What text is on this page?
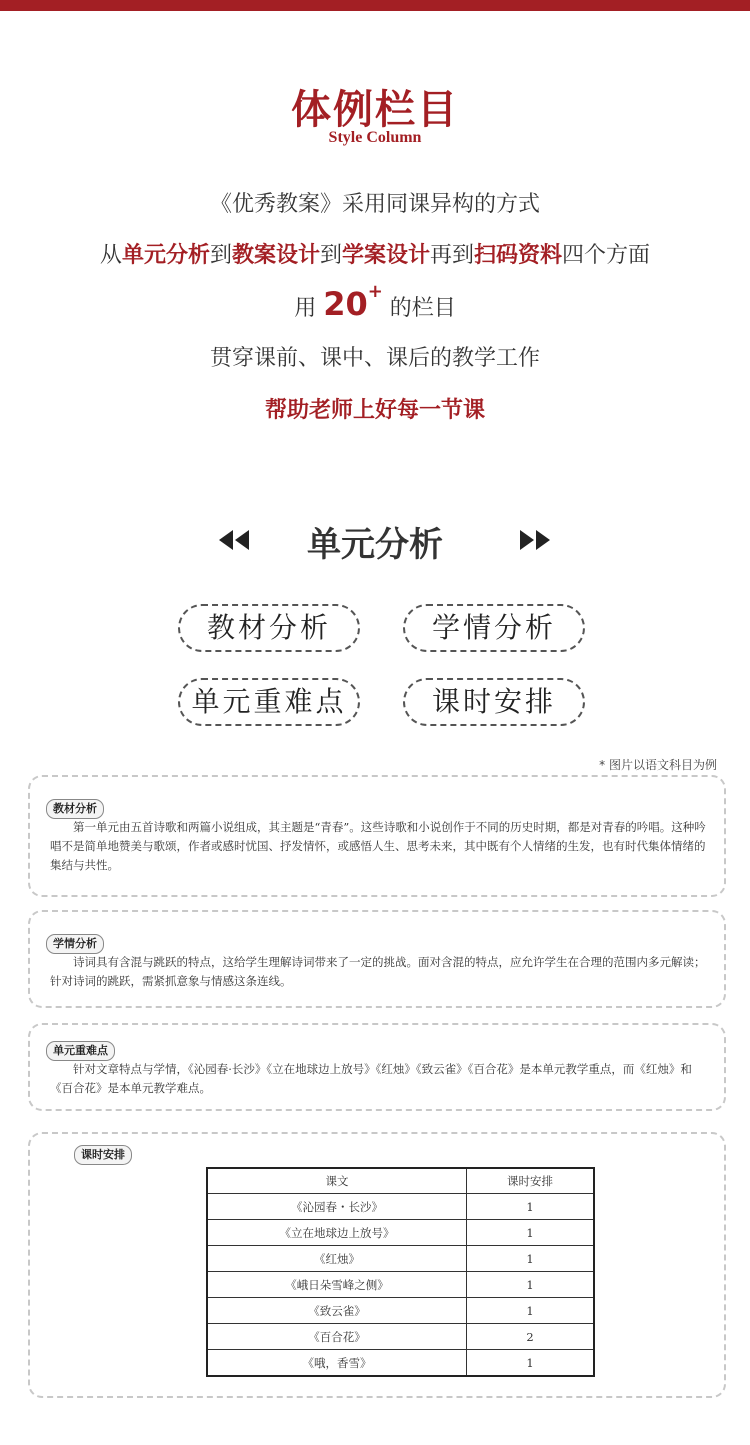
体例栏目
Style Column
《优秀教案》采用同课异构的方式
从单元分析到教案设计到学案设计再到扫码资料四个方面
用 20+ 的栏目
贯穿课前、课中、课后的教学工作
帮助老师上好每一节课
单元分析
教材分析	学情分析
单元重难点	课时安排
* 图片以语文科目为例
教材分析
第一单元由五首诗歌和两篇小说组成，其主题是“青春”。这些诗歌和小说创作于不同的历史时期，都是对青春的吟唱。这种吟唱不是简单地赞美与歌颂，作者或感时忧国、抒发情怀，或感悟人生、思考未来，其中既有个人情绪的生发，也有时代集体情绪的集结与共性。
学情分析
诗词具有含混与跳跃的特点，这给学生理解诗词带来了一定的挑战。面对含混的特点，应允许学生在合理的范围内多元解读；针对诗词的跳跃，需紧抓意象与情感这条连线。
单元重难点
针对文章特点与学情，《沁园春·长沙》《立在地球边上放号》《红烛》《致云雀》《百合花》是本单元教学重点，而《红烛》和《百合花》是本单元教学难点。
课时安排
课文	课时安排
《沁园春・长沙》	1
《立在地球边上放号》	1
《红烛》	1
《峨日朵雪峰之侧》	1
《致云雀》	1
《百合花》	2
《哦，香雪》	1
